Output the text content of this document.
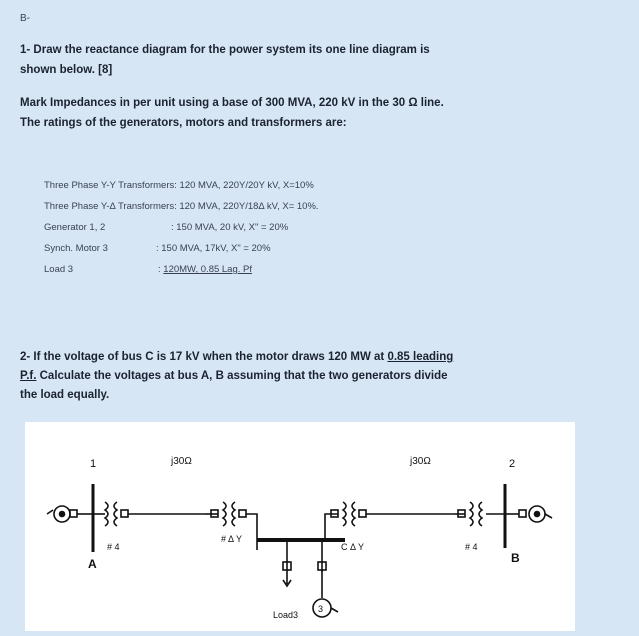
B-
1- Draw the reactance diagram for the power system its one line diagram is
shown below. [8]
Mark Impedances in per unit using a base of 300 MVA, 220 kV in the 30 Ω line.
The ratings of the generators, motors and transformers are:
Three Phase Y-Y Transformers: 120 MVA, 220Y/20Y kV, X=10%
Three Phase Y-Δ Transformers: 120 MVA, 220Y/18Δ kV, X= 10%.
Generator 1, 2	: 150 MVA, 20 kV, X" = 20%
Synch. Motor 3	: 150 MVA, 17kV, X" = 20%
Load 3	: 120MW, 0.85 Lag. Pf
2- If the voltage of bus C is 17 kV when the motor draws 120 MW at 0.85 leading
P.f. Calculate the voltages at bus A, B assuming that the two generators divide
the load equally.
1
A
# 4
j30Ω
# Δ Y
C Δ Y
j30Ω
# 4
2
B
3
Load3
